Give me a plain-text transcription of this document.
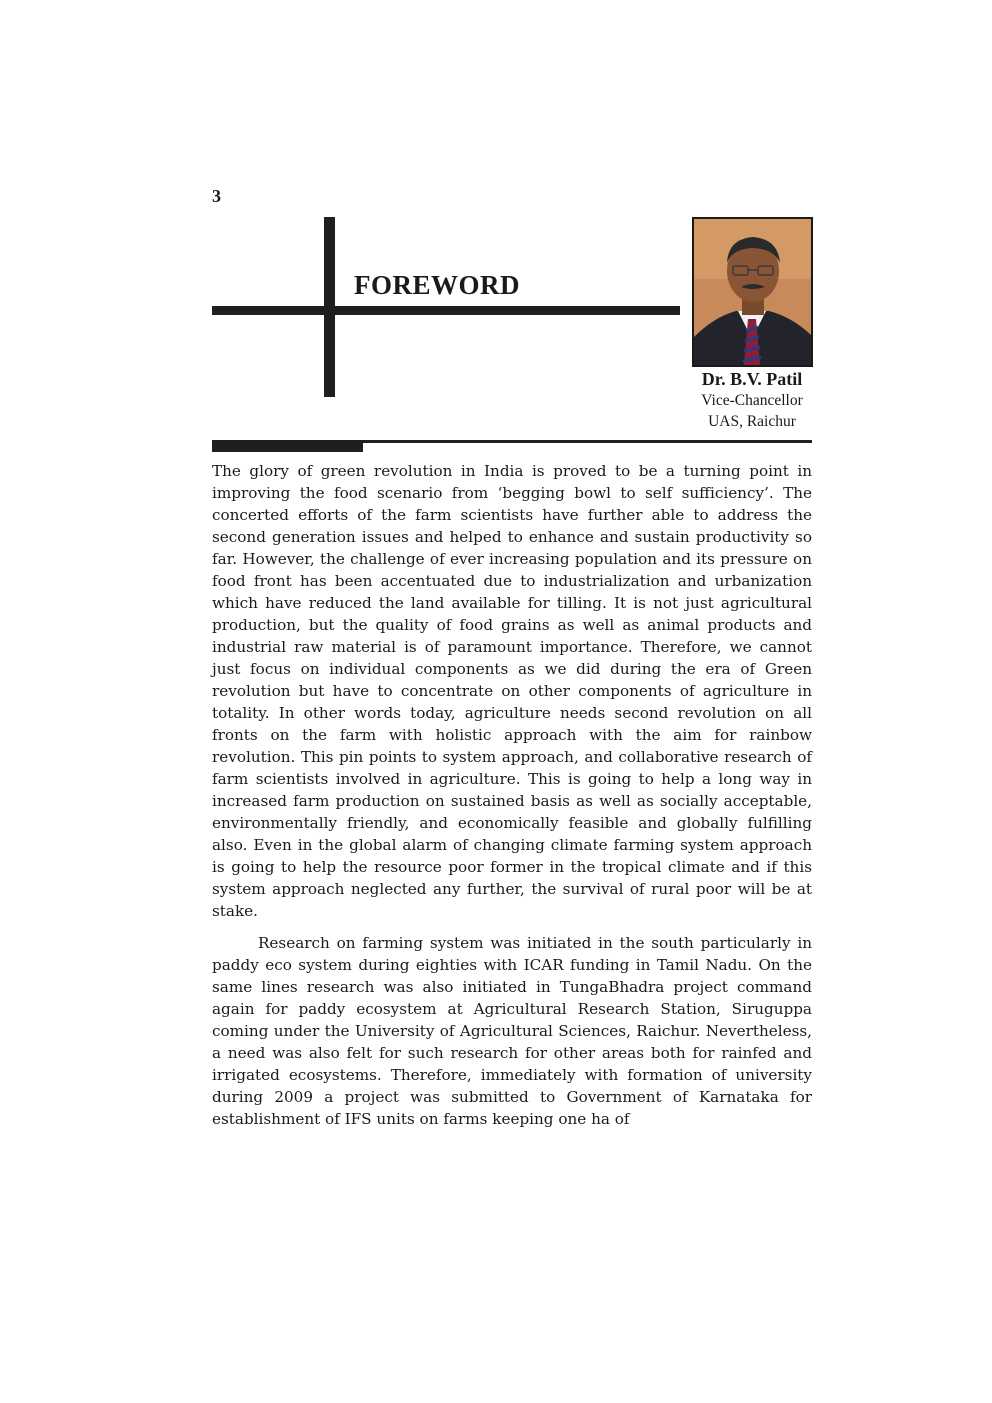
3
FOREWORD
Dr. B.V. Patil
Vice-Chancellor
UAS, Raichur

The glory of green revolution in India is proved to be a turning point in improving the food scenario from ‘begging bowl to self sufficiency’. The concerted efforts of the farm scientists have further able to address the second generation issues and helped to enhance and sustain productivity so far. However, the challenge of ever increasing population and its pressure on food front has been accentuated due to industrialization and urbanization which have reduced the land available for tilling. It is not just agricultural production, but the quality of food grains as well as animal products and industrial raw material is of paramount importance. Therefore, we cannot just focus on individual components as we did during the era of Green revolution but have to concentrate on other components of agriculture in totality. In other words today, agriculture needs second revolution on all fronts on the farm with holistic approach with the aim for rainbow revolution. This pin points to system approach, and collaborative research of farm scientists involved in agriculture. This is going to help a long way in increased farm production on sustained basis as well as socially acceptable, environmentally friendly, and economically feasible and globally fulfilling also. Even in the global alarm of changing climate farming system approach is going to help the resource poor former in the tropical climate and if this system approach neglected any further, the survival of rural poor will be at stake.

Research on farming system was initiated in the south particularly in paddy eco system during eighties with ICAR funding in Tamil Nadu. On the same lines research was also initiated in TungaBhadra project command again for paddy ecosystem at Agricultural Research Station, Siruguppa coming under the University of Agricultural Sciences, Raichur. Nevertheless, a need was also felt for such research for other areas both for rainfed and irrigated ecosystems. Therefore, immediately with formation of university during 2009 a project was submitted to Government of Karnataka for establishment of IFS units on farms keeping one ha of
